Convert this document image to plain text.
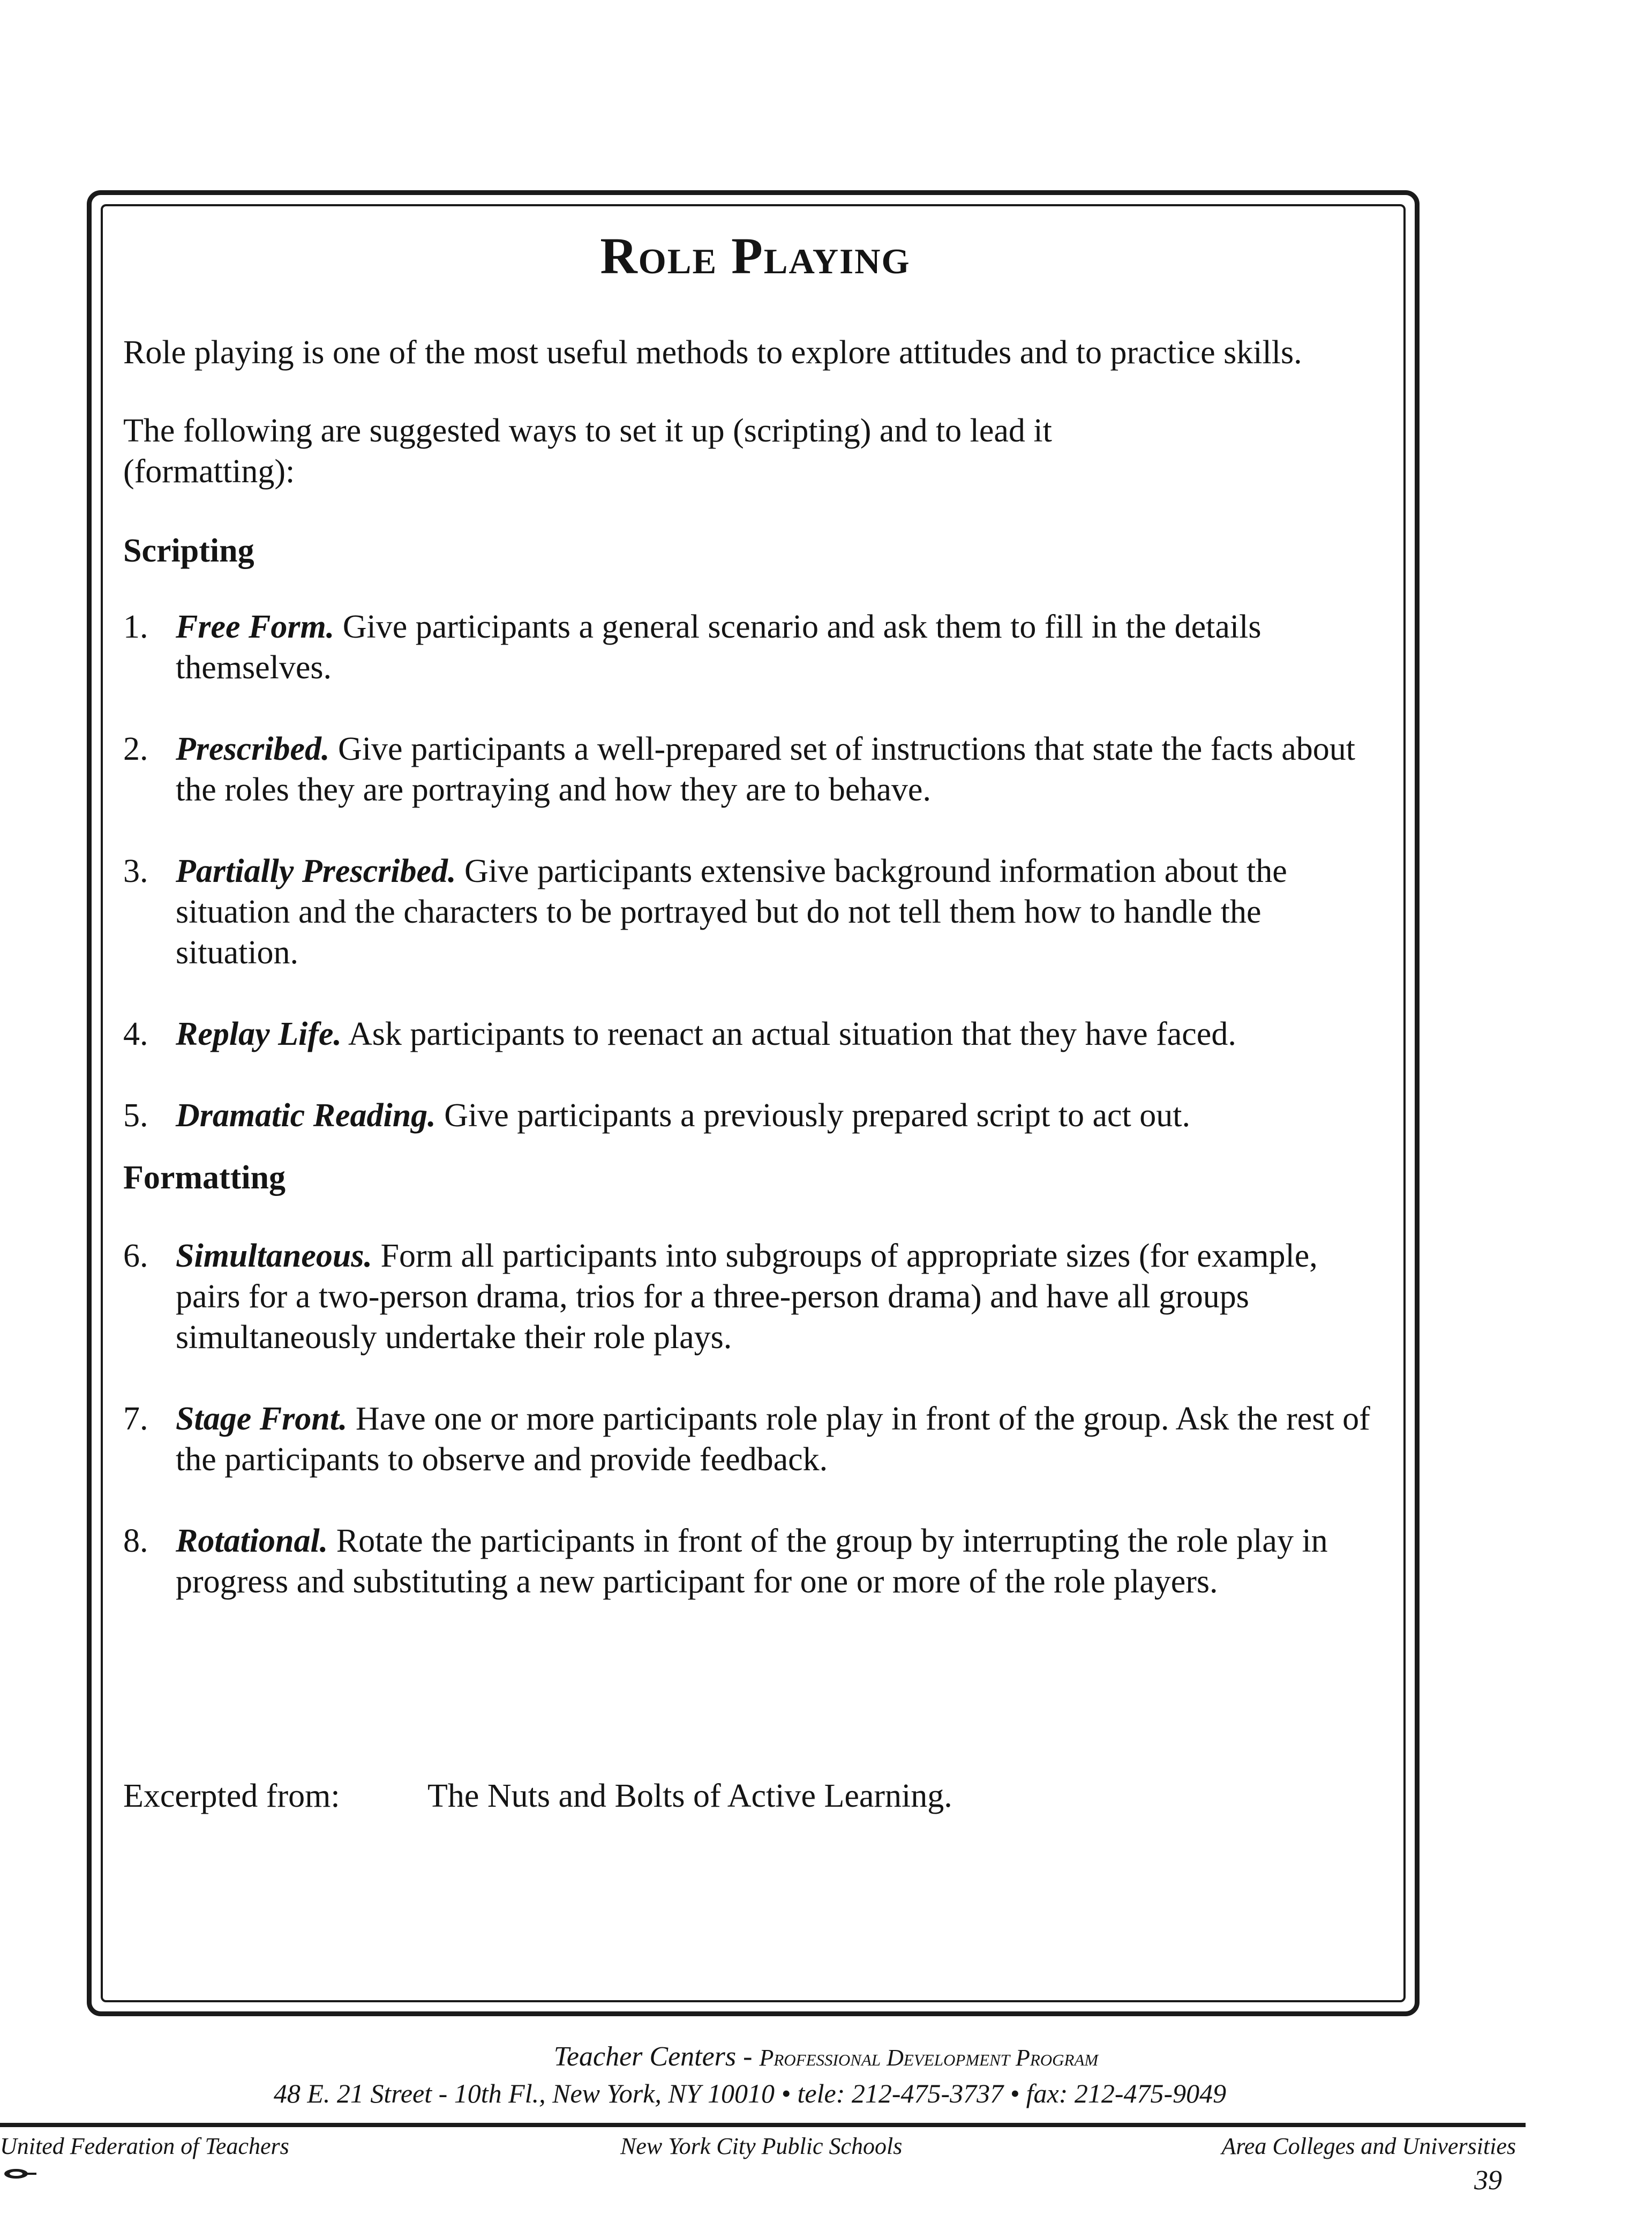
Role Playing

Role playing is one of the most useful methods to explore attitudes and to practice skills.

The following are suggested ways to set it up (scripting) and to lead it
(formatting):

Scripting
1. Free Form. Give participants a general scenario and ask them to fill in the details themselves.
2. Prescribed. Give participants a well-prepared set of instructions that state the facts about the roles they are portraying and how they are to behave.
3. Partially Prescribed. Give participants extensive background information about the situation and the characters to be portrayed but do not tell them how to handle the situation.
4. Replay Life. Ask participants to reenact an actual situation that they have faced.
5. Dramatic Reading. Give participants a previously prepared script to act out.
Formatting
6. Simultaneous. Form all participants into subgroups of appropriate sizes (for example, pairs for a two-person drama, trios for a three-person drama) and have all groups simultaneously undertake their role plays.
7. Stage Front. Have one or more participants role play in front of the group. Ask the rest of the participants to observe and provide feedback.
8. Rotational. Rotate the participants in front of the group by interrupting the role play in progress and substituting a new participant for one or more of the role players.
Excerpted from:	The Nuts and Bolts of Active Learning.
Teacher Centers - Professional Development Program
48 E. 21 Street - 10th Fl., New York, NY 10010 • tele: 212-475-3737 • fax: 212-475-9049
United Federation of Teachers	New York City Public Schools	Area Colleges and Universities
39
